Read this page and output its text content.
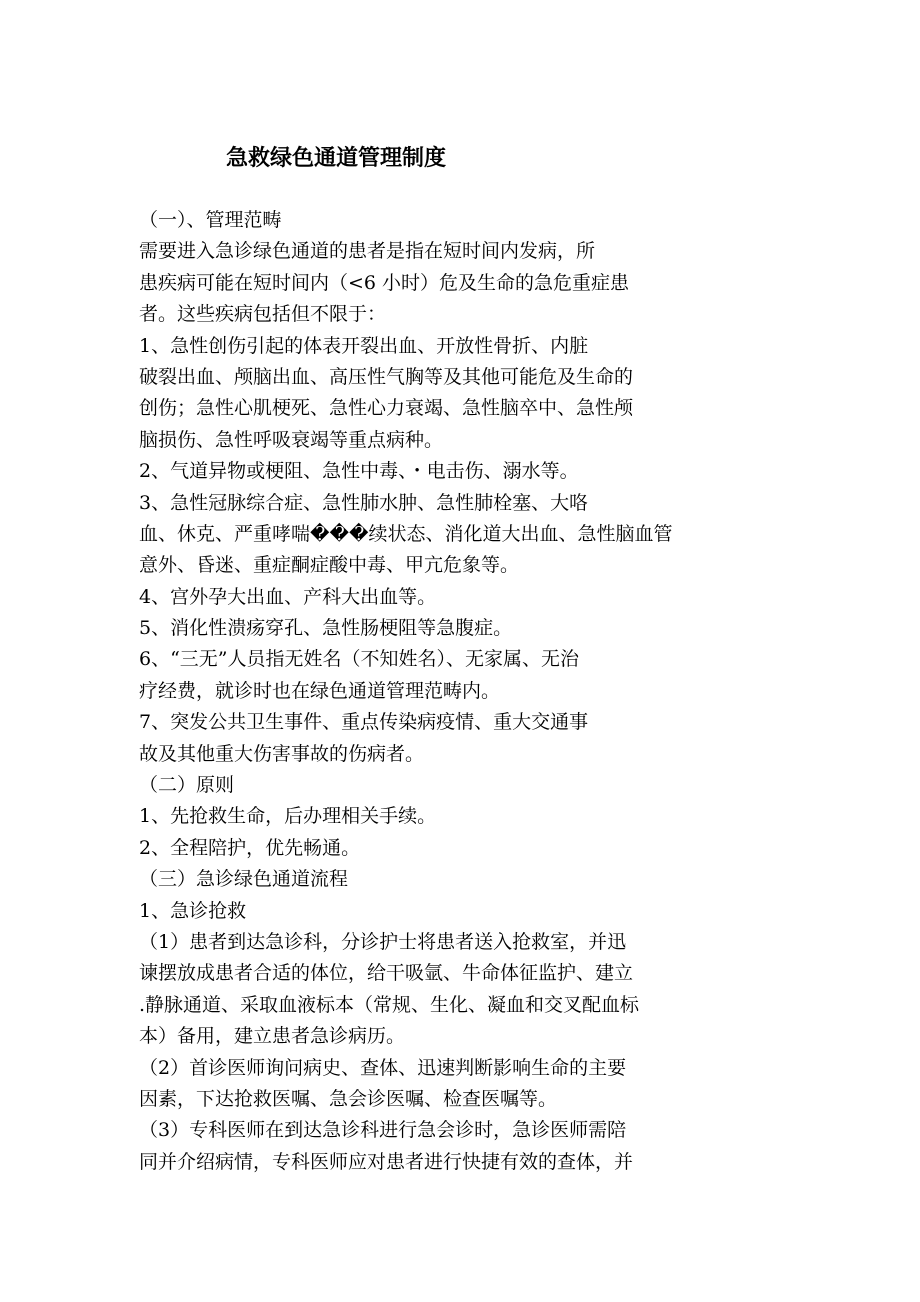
急救绿色通道管理制度
（一）、管理范畴
需要进入急诊绿色通道的患者是指在短时间内发病，所
患疾病可能在短时间内（<6 小时）危及生命的急危重症患
者。这些疾病包括但不限于：
1、急性创伤引起的体表开裂出血、开放性骨折、内脏
破裂出血、颅脑出血、高压性气胸等及其他可能危及生命的
创伤；急性心肌梗死、急性心力衰竭、急性脑卒中、急性颅
脑损伤、急性呼吸衰竭等重点病种。
2、气道异物或梗阻、急性中毒、・电击伤、溺水等。
3、急性冠脉综合症、急性肺水肿、急性肺栓塞、大咯
血、休克、严重哮喘���续状态、消化道大出血、急性脑血管
意外、昏迷、重症酮症酸中毒、甲亢危象等。
4、宫外孕大出血、产科大出血等。
5、消化性溃疡穿孔、急性肠梗阻等急腹症。
6、“三无”人员指无姓名（不知姓名）、无家属、无治
疗经费，就诊时也在绿色通道管理范畴内。
7、突发公共卫生事件、重点传染病疫情、重大交通事
故及其他重大伤害事故的伤病者。
（二）原则
1、先抢救生命，后办理相关手续。
2、全程陪护，优先畅通。
（三）急诊绿色通道流程
1、急诊抢救
（1）患者到达急诊科，分诊护士将患者送入抢救室，并迅
谏摆放成患者合适的体位，给干吸氩、牛命体征监护、建立
.静脉通道、采取血液标本（常规、生化、凝血和交叉配血标
本）备用，建立患者急诊病历。
（2）首诊医师询问病史、查体、迅速判断影响生命的主要
因素，下达抢救医嘱、急会诊医嘱、检查医嘱等。
（3）专科医师在到达急诊科进行急会诊时，急诊医师需陪
同并介绍病情，专科医师应对患者进行快捷有效的查体，并
